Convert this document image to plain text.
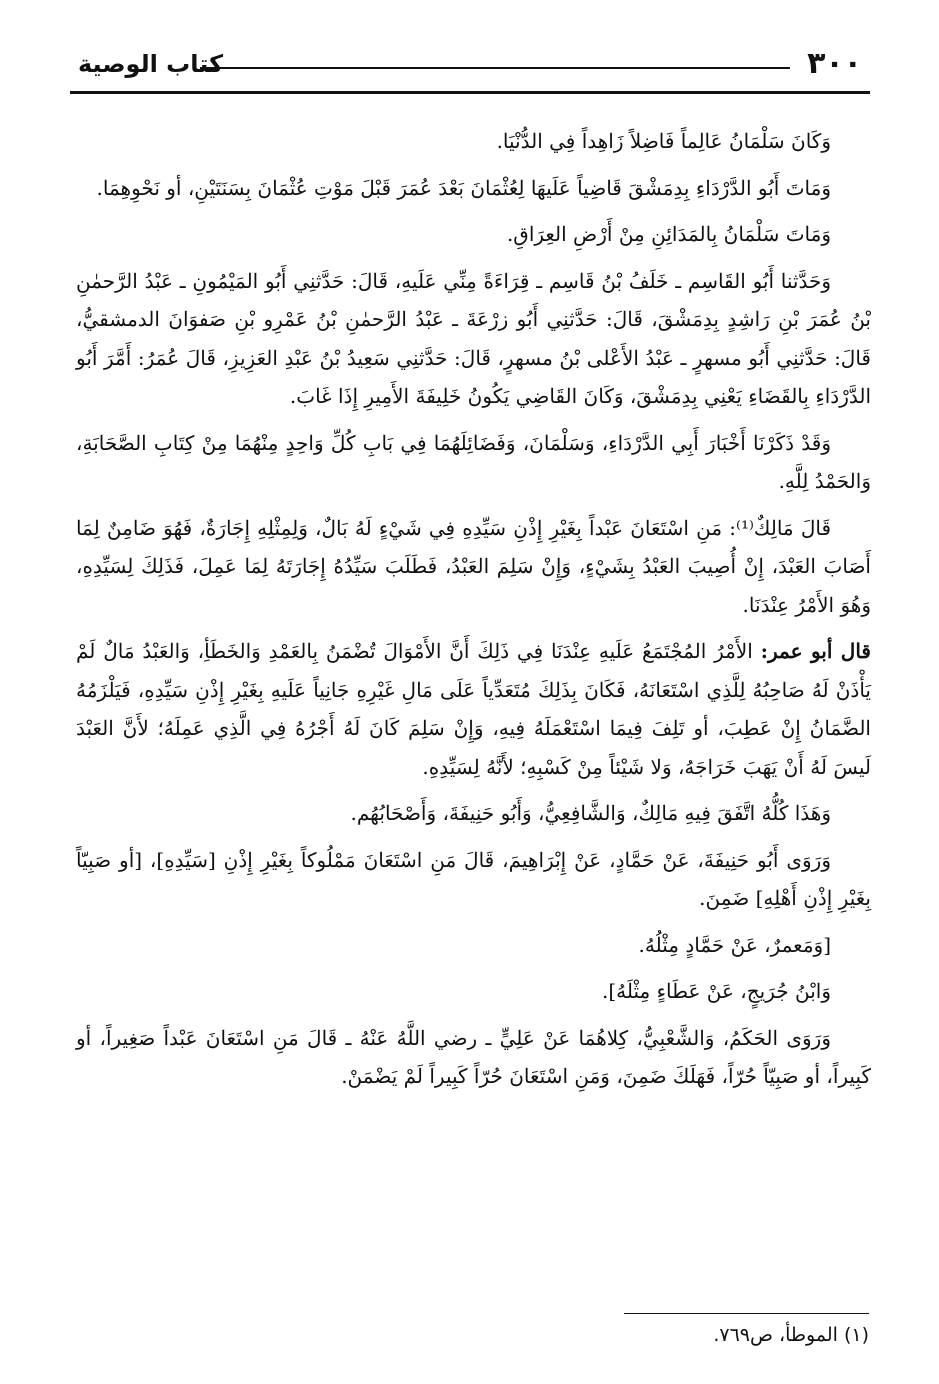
٣٠٠
كتاب الوصية

وَكَانَ سَلْمَانُ عَالِماً فَاضِلاً زَاهِداً فِي الدُّنْيَا.

وَمَاتَ أَبُو الدَّرْدَاءِ بِدِمَشْقَ قَاضِياً عَلَيهَا لِعُثْمَانَ بَعْدَ عُمَرَ قَبْلَ مَوْتِ عُثْمَانَ بِسَنَتَيْنِ، أو نَحْوِهِمَا.

وَمَاتَ سَلْمَانُ بِالمَدَائِنِ مِنْ أَرْضِ العِرَاقِ.

وَحَدَّثنا أَبُو القَاسِم ـ خَلَفُ بْنُ قَاسِم ـ قِرَاءَةً مِنِّي عَلَيهِ، قَالَ: حَدَّثنِي أَبُو المَيْمُونِ ـ عَبْدُ الرَّحمٰنِ بْنُ عُمَرَ بْنِ رَاشِدٍ بِدِمَشْقَ، قَالَ: حَدَّثنِي أَبُو زرْعَةَ ـ عَبْدُ الرَّحمٰنِ بْنُ عَمْرِو بْنِ صَفوَانَ الدمشقيُّ، قَالَ: حَدَّثنِي أَبُو مسهرٍ ـ عَبْدُ الأَعْلى بْنُ مسهرٍ، قَالَ: حَدَّثنِي سَعِيدُ بْنُ عَبْدِ العَزِيزِ، قَالَ عُمَرُ: أَمَّرَ أَبُو الدَّرْدَاءِ بِالقَضَاءِ يَعْنِي بِدِمَشْقَ، وَكَانَ القَاضِي يَكُونُ خَلِيفَةَ الأَمِيرِ إِذَا غَابَ.

وَقَدْ ذَكَرْنَا أَخْبَارَ أَبِي الدَّرْدَاءِ، وَسَلْمَانَ، وَفَضَائِلَهُمَا فِي بَابِ كُلِّ وَاحِدٍ مِنْهُمَا مِنْ كِتَابِ الصَّحَابَةِ، وَالحَمْدُ لِلَّهِ.

قَالَ مَالِكٌ⁽¹⁾: مَنِ اسْتَعَانَ عَبْداً بِغَيْرِ إِذْنِ سَيِّدِهِ فِي شَيْءٍ لَهُ بَالٌ، وَلِمِثْلِهِ إِجَارَةٌ، فَهُوَ ضَامِنٌ لِمَا أَصَابَ العَبْدَ، إِنْ أُصِيبَ العَبْدُ بِشَيْءٍ، وَإِنْ سَلِمَ العَبْدُ، فَطَلَبَ سَيِّدُهُ إِجَارَتَهُ لِمَا عَمِلَ، فَذَلِكَ لِسَيِّدِهِ، وَهُوَ الأَمْرُ عِنْدَنَا.

قال أبو عمر: الأَمْرُ المُجْتَمَعُ عَلَيهِ عِنْدَنَا فِي ذَلِكَ أَنَّ الأَمْوَالَ تُضْمَنُ بِالعَمْدِ وَالخَطَأِ، وَالعَبْدُ مَالٌ لَمْ يَأْذَنْ لَهُ صَاحِبُهُ لِلَّذِي اسْتَعَانَهُ، فَكَانَ بِذَلِكَ مُتَعَدِّياً عَلَى مَالِ غَيْرِهِ جَانِياً عَلَيهِ بِغَيْرِ إِذْنِ سَيِّدِهِ، فَيَلْزَمُهُ الضَّمَانُ إِنْ عَطِبَ، أو تَلِفَ فِيمَا اسْتَعْمَلَهُ فِيهِ، وَإِنْ سَلِمَ كَانَ لَهُ أَجْرُهُ فِي الَّذِي عَمِلَهُ؛ لأَنَّ العَبْدَ لَيسَ لَهُ أَنْ يَهَبَ خَرَاجَهُ، وَلا شَيْئاً مِنْ كَسْبِهِ؛ لأَنَّهُ لِسَيِّدِهِ.

وَهَذَا كُلُّهُ اتَّفَقَ فِيهِ مَالِكٌ، وَالشَّافِعِيُّ، وَأَبُو حَنِيفَةَ، وَأَصْحَابُهُم.

وَرَوَى أَبُو حَنِيفَةَ، عَنْ حَمَّادٍ، عَنْ إِبْرَاهِيمَ، قَالَ مَنِ اسْتَعَانَ مَمْلُوكاً بِغَيْرِ إِذْنِ [سَيِّدِهِ]، [أو صَبِيّاً بِغَيْرِ إِذْنِ أَهْلِهِ] ضَمِنَ.

[وَمَعمرٌ، عَنْ حَمَّادٍ مِثْلُهُ.

وَابْنُ جُرَيجٍ، عَنْ عَطَاءٍ مِثْلَهُ].

وَرَوَى الحَكَمُ، وَالشَّعْبِيُّ، كِلاهُمَا عَنْ عَلِيٍّ ـ رضي اللَّهُ عَنْهُ ـ قَالَ مَنِ اسْتَعَانَ عَبْداً صَغِيراً، أو كَبِيراً، أو صَبِيّاً حُرّاً، فَهَلَكَ ضَمِنَ، وَمَنِ اسْتَعَانَ حُرّاً كَبِيراً لَمْ يَضْمَنْ.

(١) الموطأ، ص٧٦٩.
